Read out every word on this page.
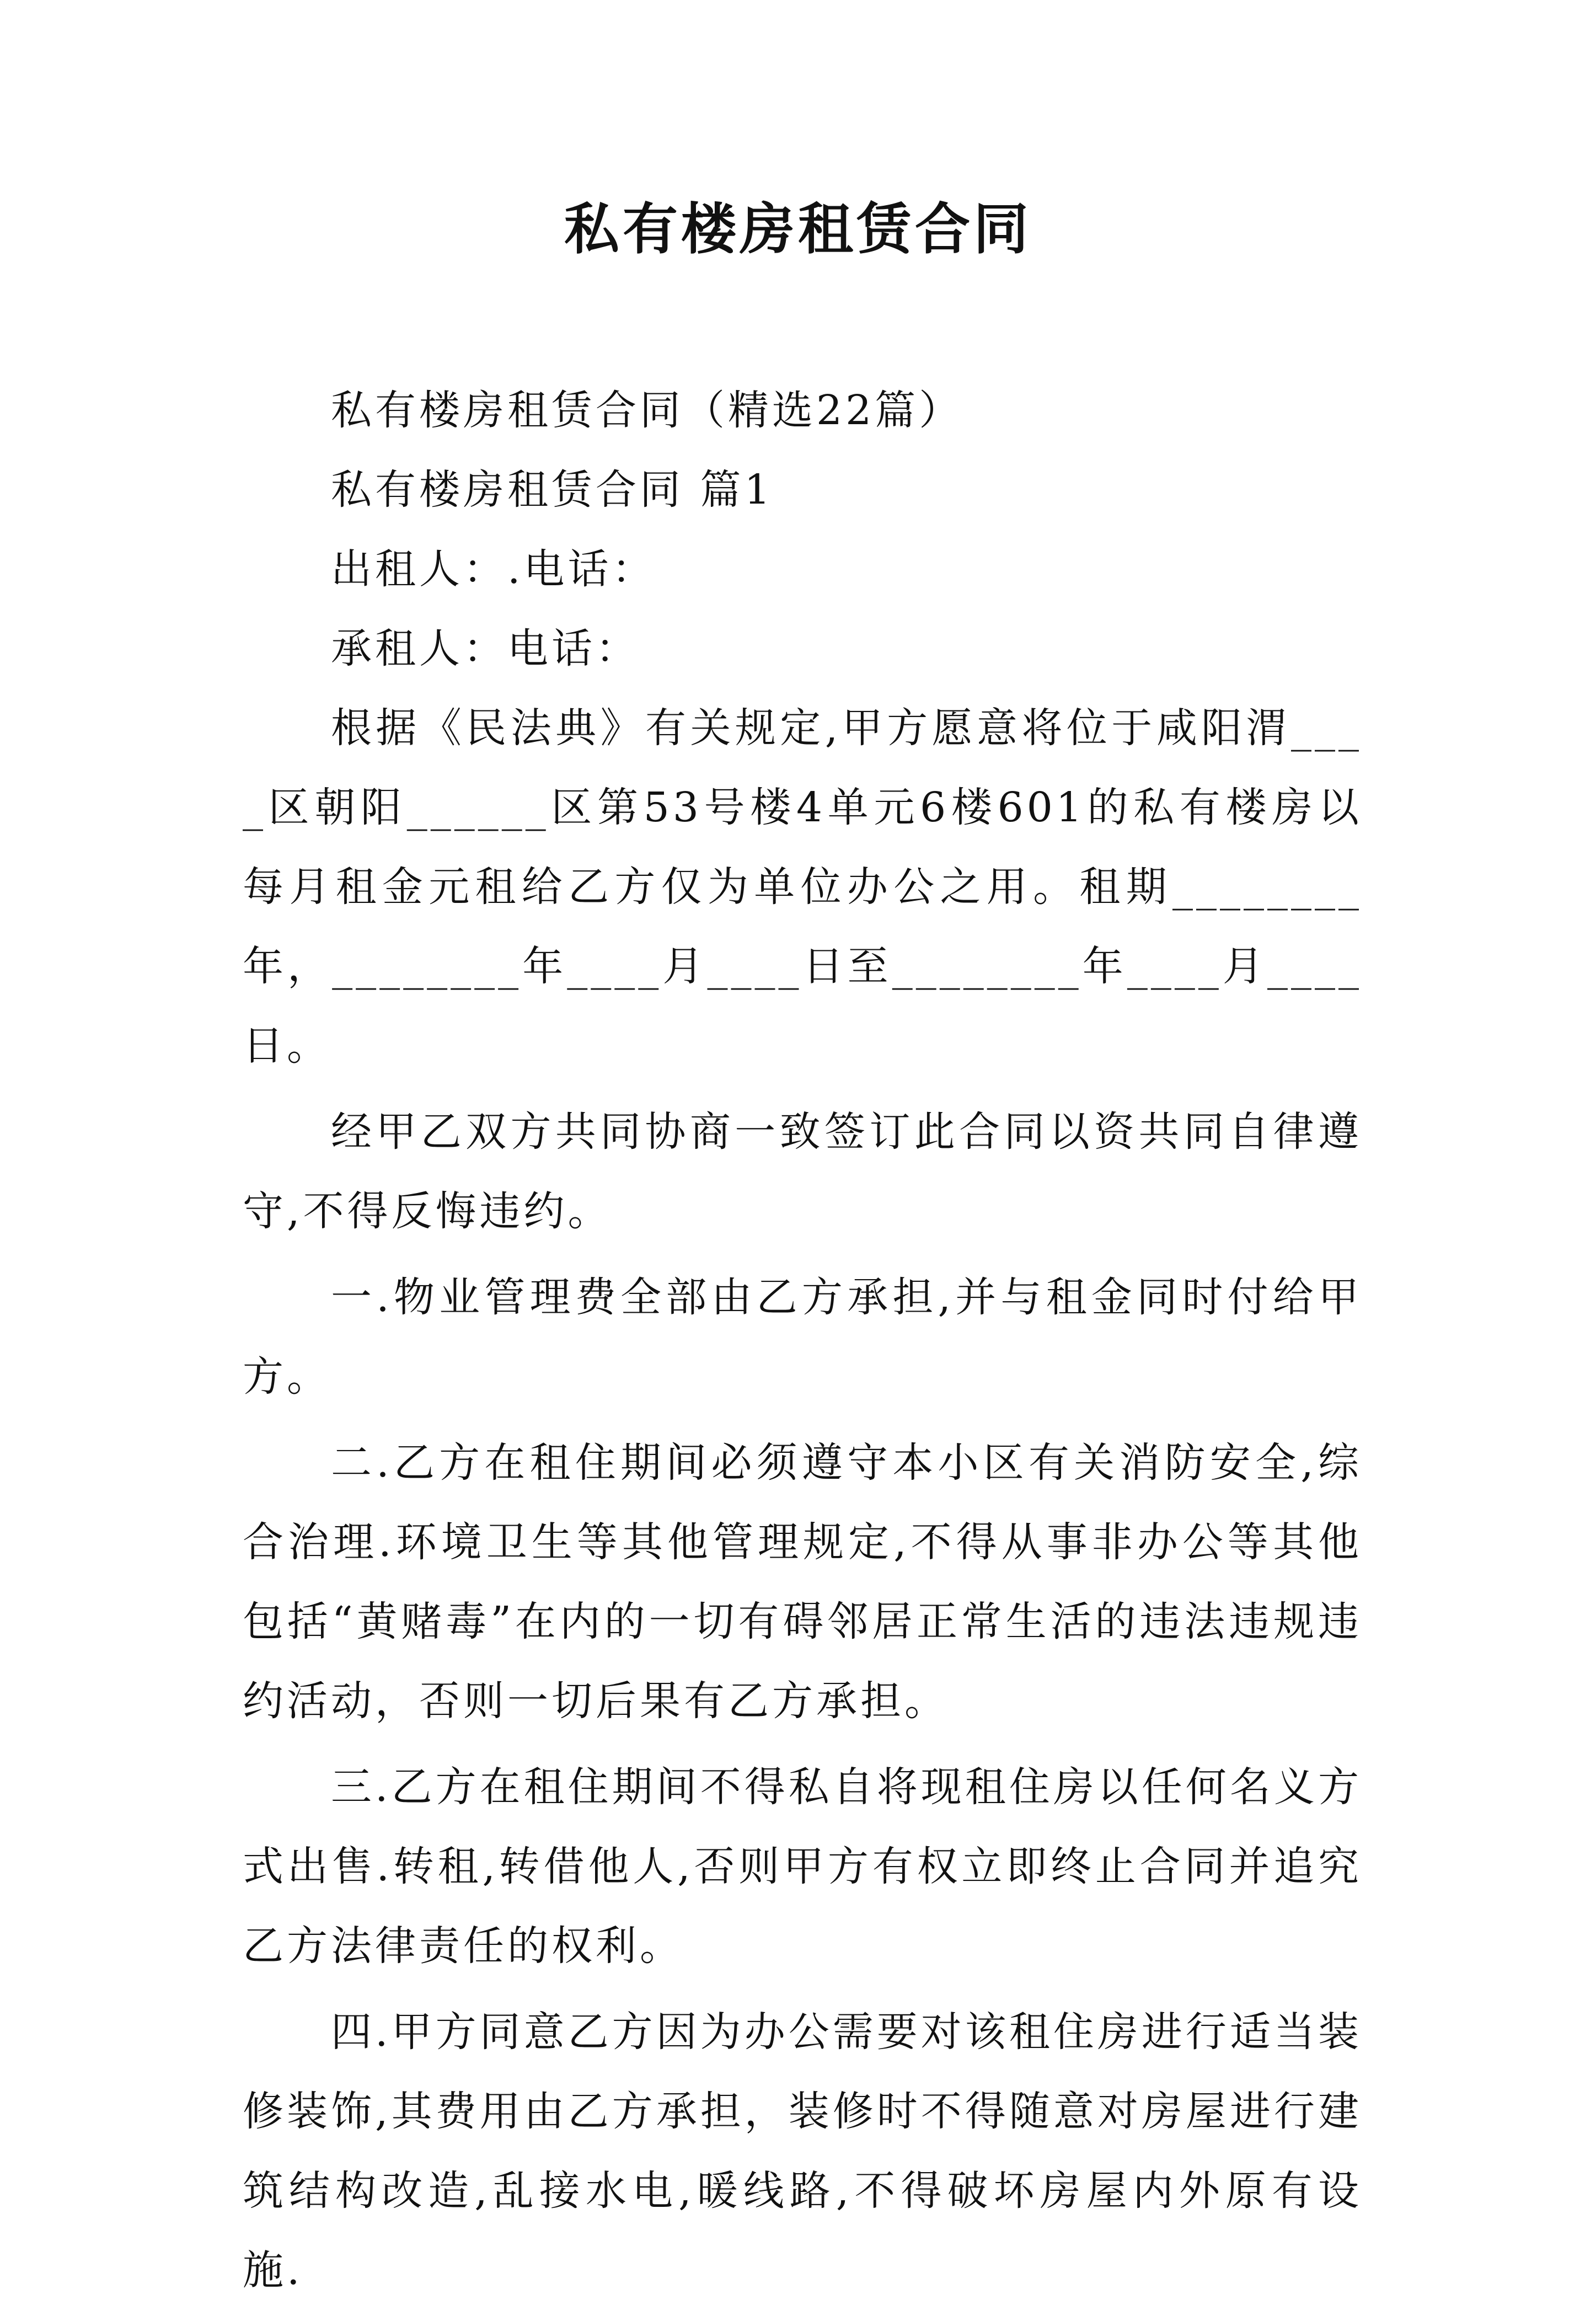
私有楼房租赁合同

私有楼房租赁合同（精选22篇）

私有楼房租赁合同 篇1

出租人：.电话：

承租人：电话：

根据《民法典》有关规定,甲方愿意将位于咸阳渭____区朝阳______区第53号楼4单元6楼601的私有楼房以每月租金元租给乙方仅为单位办公之用。租期________年，________年____月____日至________年____月____日。

经甲乙双方共同协商一致签订此合同以资共同自律遵守,不得反悔违约。

一.物业管理费全部由乙方承担,并与租金同时付给甲方。

二.乙方在租住期间必须遵守本小区有关消防安全,综合治理.环境卫生等其他管理规定,不得从事非办公等其他包括“黄赌毒”在内的一切有碍邻居正常生活的违法违规违约活动，否则一切后果有乙方承担。

三.乙方在租住期间不得私自将现租住房以任何名义方式出售.转租,转借他人,否则甲方有权立即终止合同并追究乙方法律责任的权利。

四.甲方同意乙方因为办公需要对该租住房进行适当装修装饰,其费用由乙方承担，装修时不得随意对房屋进行建筑结构改造,乱接水电,暖线路,不得破坏房屋内外原有设施.
